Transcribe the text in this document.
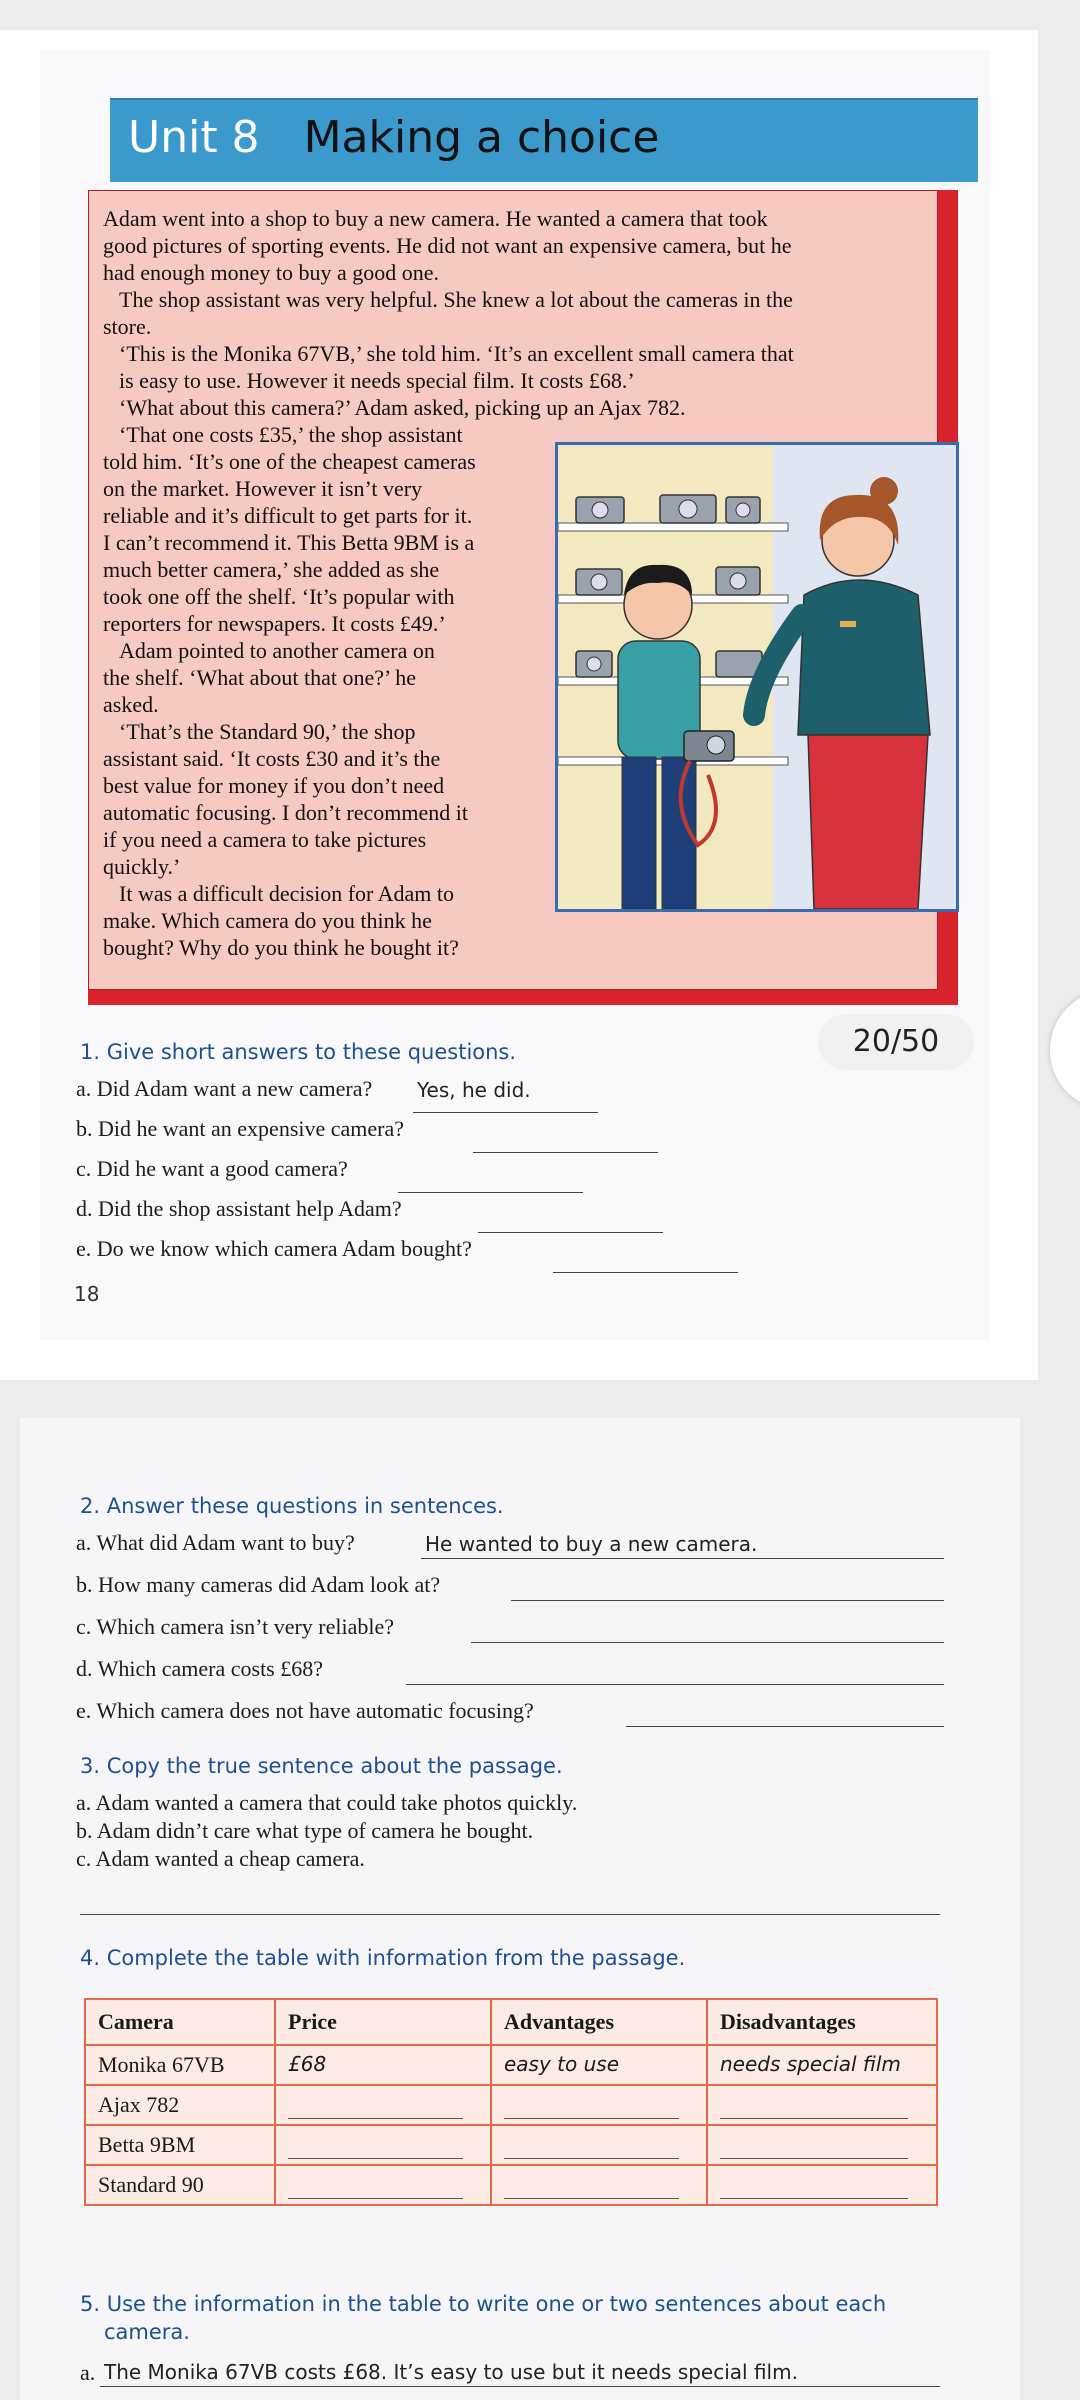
Unit 8 Making a choice
Adam went into a shop to buy a new camera. He wanted a camera that took
good pictures of sporting events. He did not want an expensive camera, but he
had enough money to buy a good one.
The shop assistant was very helpful. She knew a lot about the cameras in the
store.
‘This is the Monika 67VB,’ she told him. ‘It’s an excellent small camera that
is easy to use. However it needs special film. It costs £68.’
‘What about this camera?’ Adam asked, picking up an Ajax 782.
‘That one costs £35,’ the shop assistant
told him. ‘It’s one of the cheapest cameras
on the market. However it isn’t very
reliable and it’s difficult to get parts for it.
I can’t recommend it. This Betta 9BM is a
much better camera,’ she added as she
took one off the shelf. ‘It’s popular with
reporters for newspapers. It costs £49.’
Adam pointed to another camera on
the shelf. ‘What about that one?’ he
asked.
‘That’s the Standard 90,’ the shop
assistant said. ‘It costs £30 and it’s the
best value for money if you don’t need
automatic focusing. I don’t recommend it
if you need a camera to take pictures
quickly.’
It was a difficult decision for Adam to
make. Which camera do you think he
bought? Why do you think he bought it?
1. Give short answers to these questions.	20/50
a. Did Adam want a new camera? Yes, he did.
b. Did he want an expensive camera?
c. Did he want a good camera?
d. Did the shop assistant help Adam?
e. Do we know which camera Adam bought?
18
2. Answer these questions in sentences.
a. What did Adam want to buy?	He wanted to buy a new camera.
b. How many cameras did Adam look at?
c. Which camera isn’t very reliable?
d. Which camera costs £68?
e. Which camera does not have automatic focusing?
3. Copy the true sentence about the passage.
a. Adam wanted a camera that could take photos quickly.
b. Adam didn’t care what type of camera he bought.
c. Adam wanted a cheap camera.
4. Complete the table with information from the passage.
Camera	Price	Advantages	Disadvantages
Monika 67VB	£68	easy to use	needs special film

Ajax 782	

Betta 9BM	

Standard 90	

5. Use the information in the table to write one or two sentences about each
camera.
a. The Monika 67VB costs £68. It’s easy to use but it needs special film.
